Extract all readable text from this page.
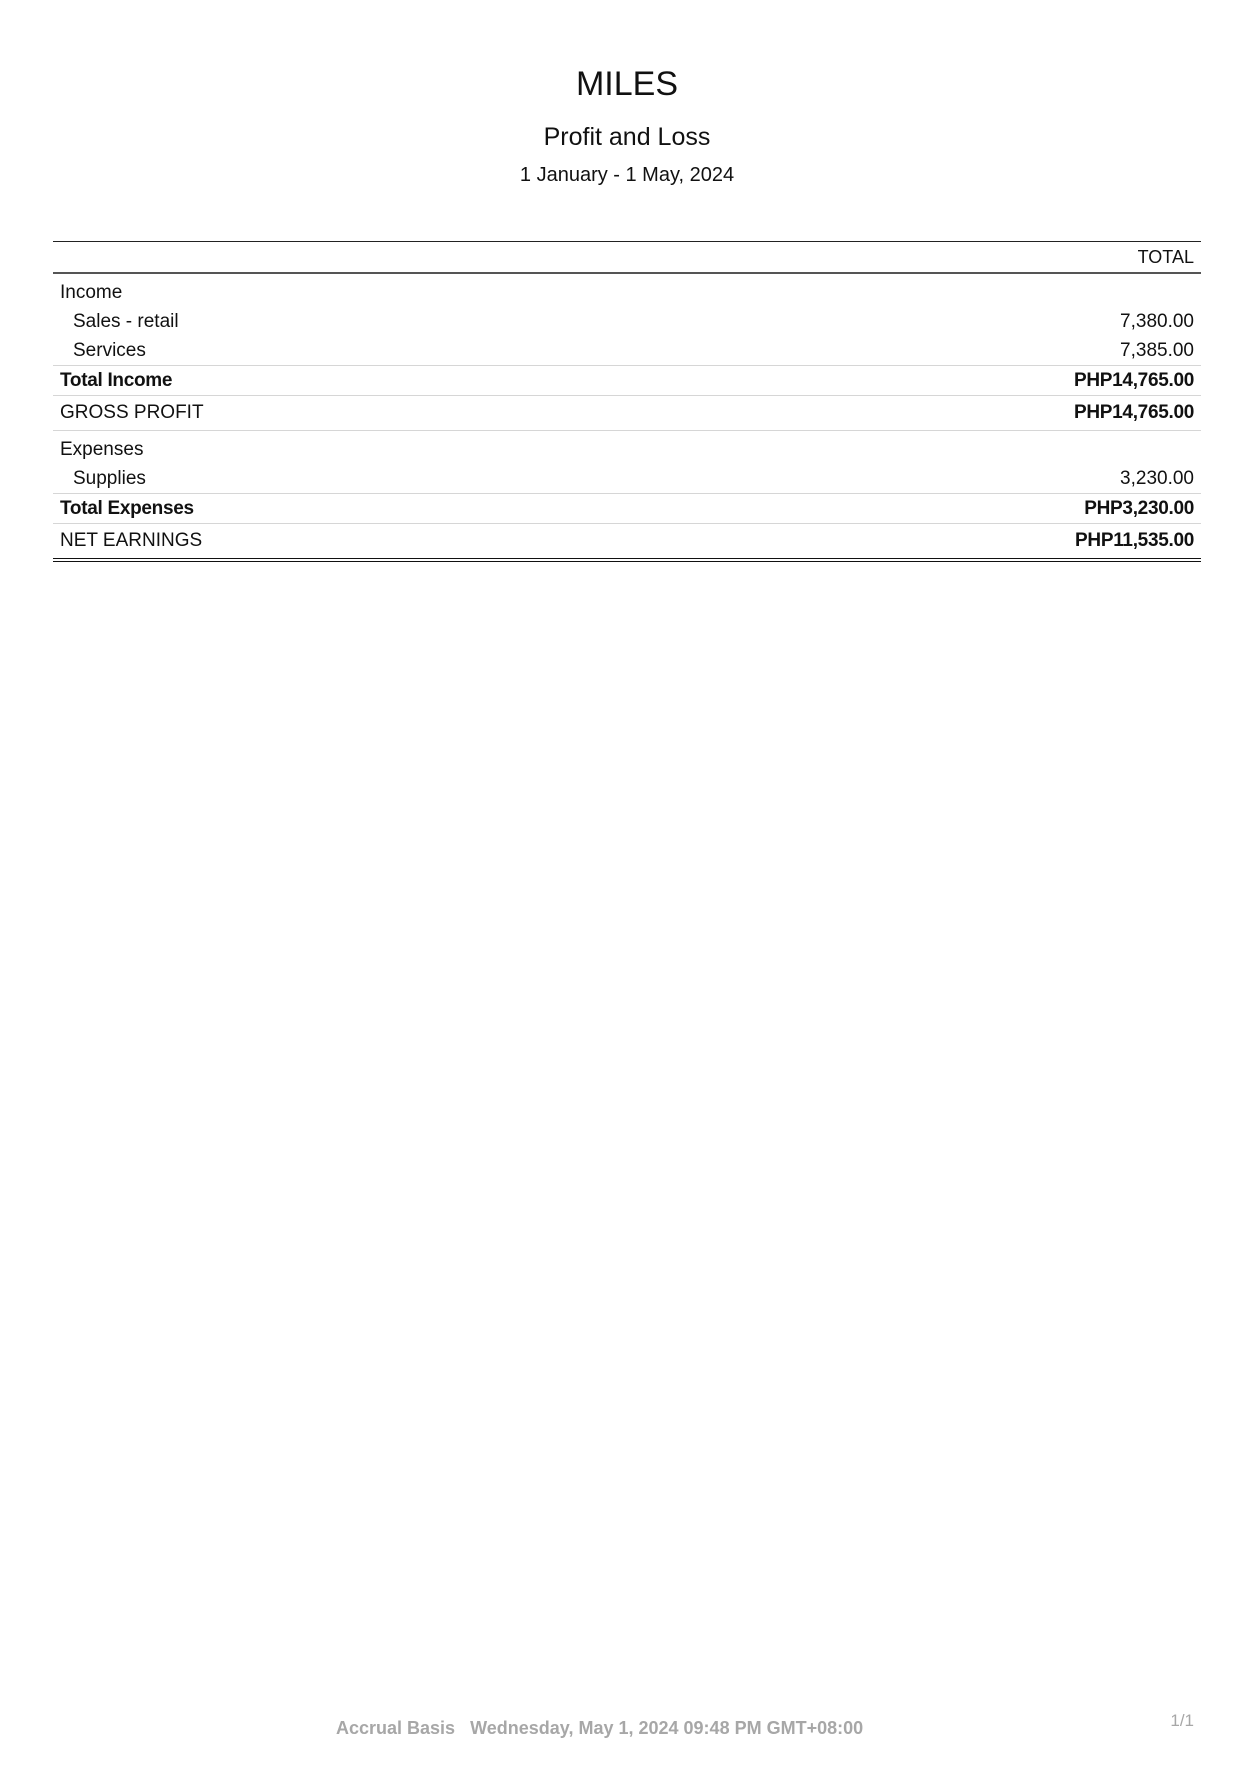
MILES
Profit and Loss
1 January - 1 May, 2024
TOTAL
Income
Sales - retail	7,380.00
Services	7,385.00
Total Income	PHP14,765.00
GROSS PROFIT	PHP14,765.00
Expenses
Supplies	3,230.00
Total Expenses	PHP3,230.00
NET EARNINGS	PHP11,535.00
Accrual Basis Wednesday, May 1, 2024 09:48 PM GMT+08:00	1/1
